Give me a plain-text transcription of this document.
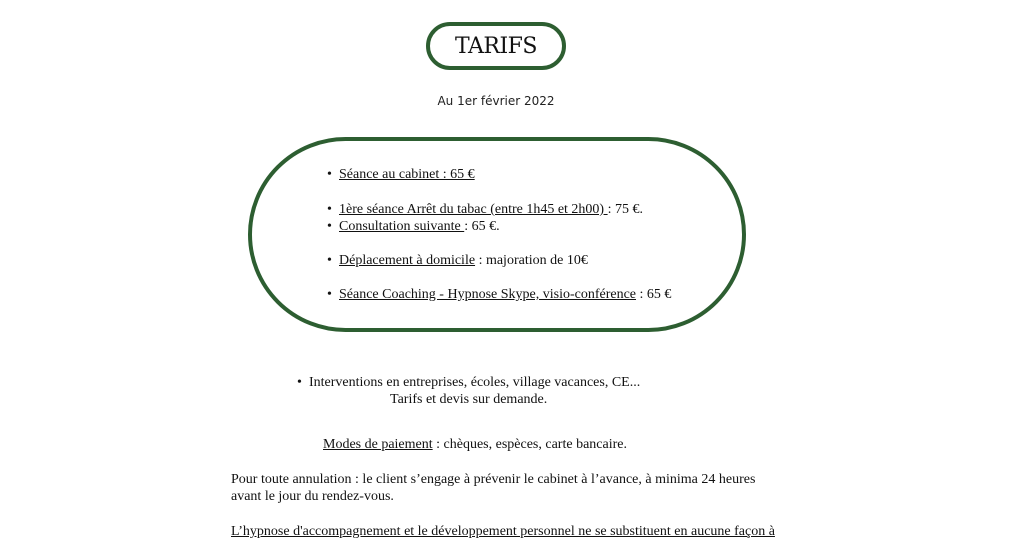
TARIFS
Au 1er février 2022
• Séance au cabinet : 65 €
• 1ère séance Arrêt du tabac (entre 1h45 et 2h00) : 75 €.
• Consultation suivante : 65 €.
• Déplacement à domicile : majoration de 10€
• Séance Coaching - Hypnose Skype, visio-conférence : 65 €
• Interventions en entreprises, écoles, village vacances, CE...
Tarifs et devis sur demande.
Modes de paiement : chèques, espèces, carte bancaire.
Pour toute annulation : le client s’engage à prévenir le cabinet à l’avance, à minima 24 heures
avant le jour du rendez-vous.
L’hypnose d'accompagnement et le développement personnel ne se substituent en aucune façon à
